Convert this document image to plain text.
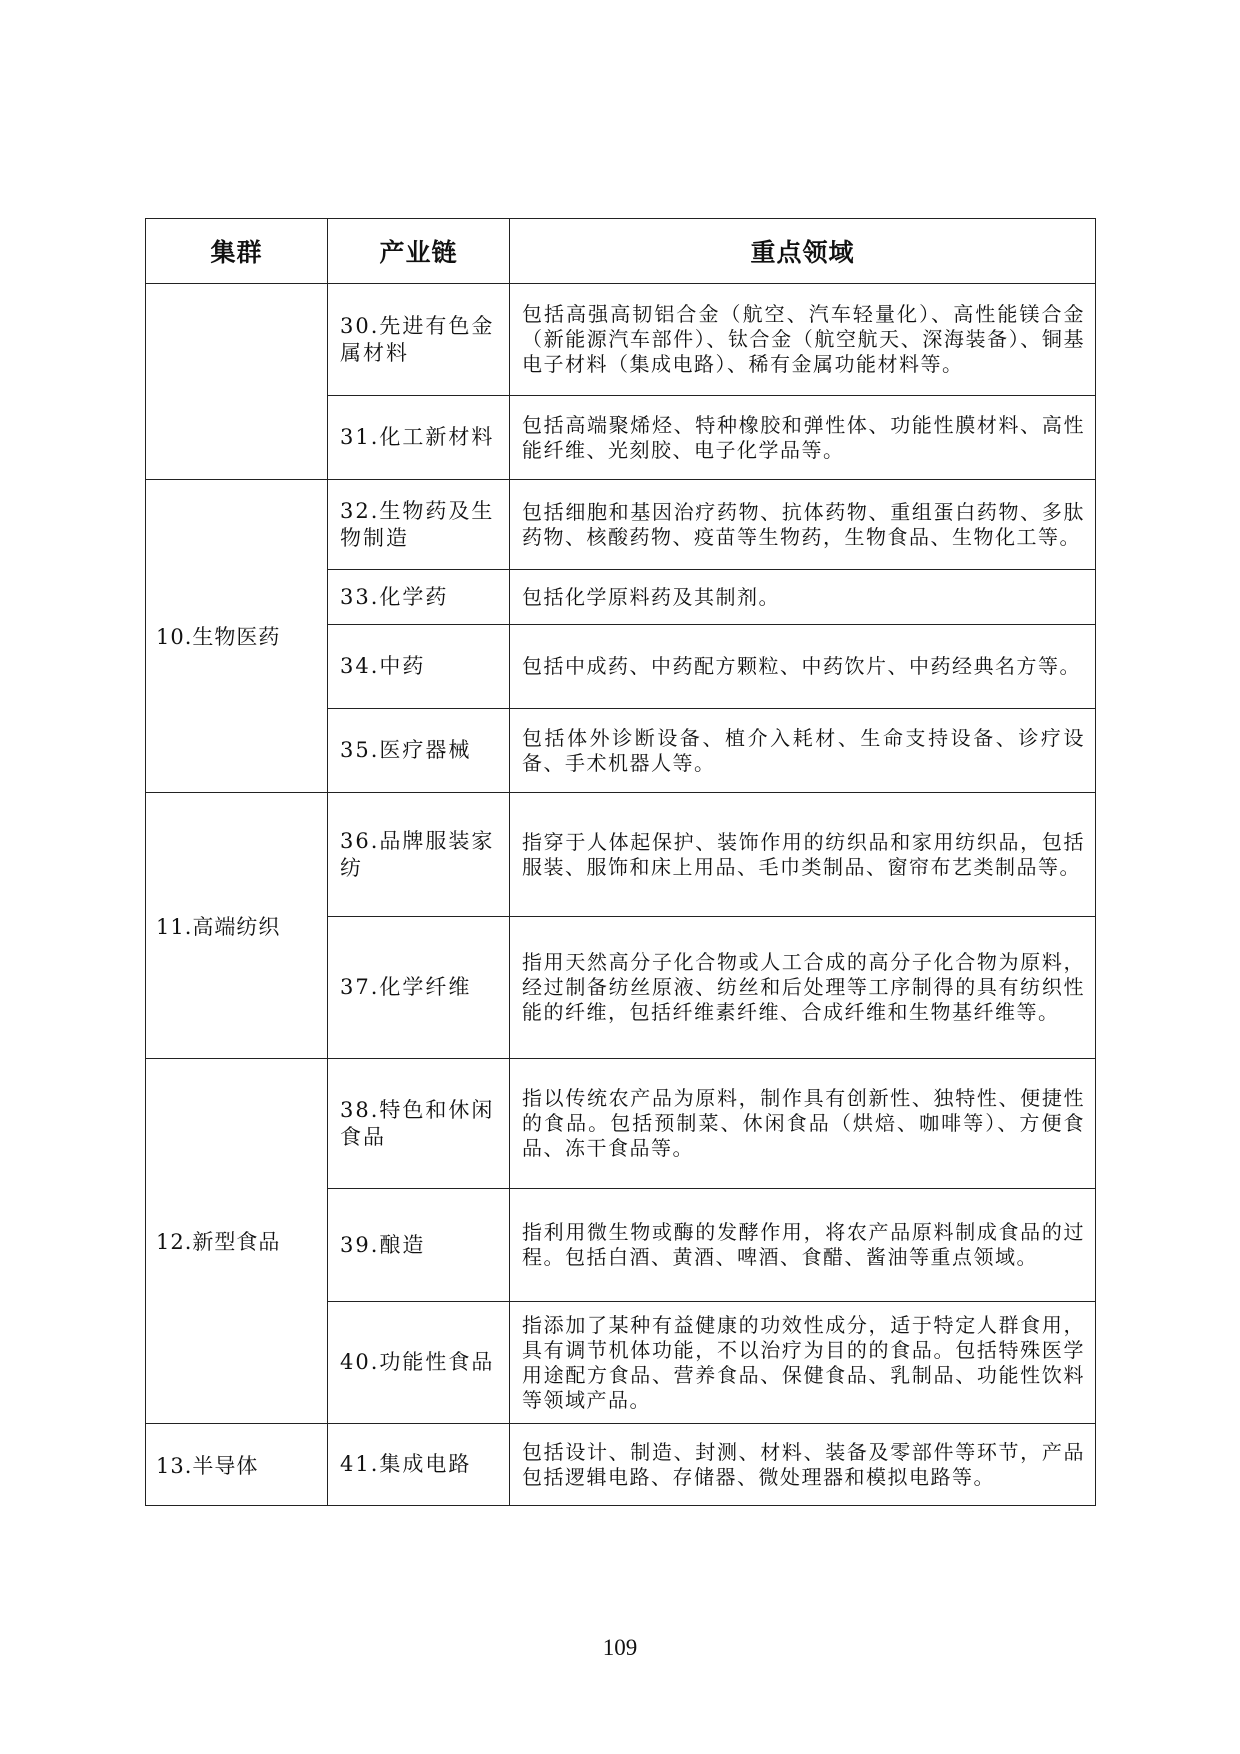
集群	产业链	重点领域
	30.先进有色金属材料	包括高强高韧铝合金（航空、汽车轻量化）、高性能镁合金（新能源汽车部件）、钛合金（航空航天、深海装备）、铜基电子材料（集成电路）、稀有金属功能材料等。
	31.化工新材料	包括高端聚烯烃、特种橡胶和弹性体、功能性膜材料、高性能纤维、光刻胶、电子化学品等。
10.生物医药	32.生物药及生物制造	包括细胞和基因治疗药物、抗体药物、重组蛋白药物、多肽药物、核酸药物、疫苗等生物药，生物食品、生物化工等。
	33.化学药	包括化学原料药及其制剂。
	34.中药	包括中成药、中药配方颗粒、中药饮片、中药经典名方等。
	35.医疗器械	包括体外诊断设备、植介入耗材、生命支持设备、诊疗设备、手术机器人等。
11.高端纺织	36.品牌服装家纺	指穿于人体起保护、装饰作用的纺织品和家用纺织品，包括服装、服饰和床上用品、毛巾类制品、窗帘布艺类制品等。
	37.化学纤维	指用天然高分子化合物或人工合成的高分子化合物为原料，经过制备纺丝原液、纺丝和后处理等工序制得的具有纺织性能的纤维，包括纤维素纤维、合成纤维和生物基纤维等。
12.新型食品	38.特色和休闲食品	指以传统农产品为原料，制作具有创新性、独特性、便捷性的食品。包括预制菜、休闲食品（烘焙、咖啡等）、方便食品、冻干食品等。
	39.酿造	指利用微生物或酶的发酵作用，将农产品原料制成食品的过程。包括白酒、黄酒、啤酒、食醋、酱油等重点领域。
	40.功能性食品	指添加了某种有益健康的功效性成分，适于特定人群食用，具有调节机体功能，不以治疗为目的的食品。包括特殊医学用途配方食品、营养食品、保健食品、乳制品、功能性饮料等领域产品。
13.半导体	41.集成电路	包括设计、制造、封测、材料、装备及零部件等环节，产品包括逻辑电路、存储器、微处理器和模拟电路等。
109
